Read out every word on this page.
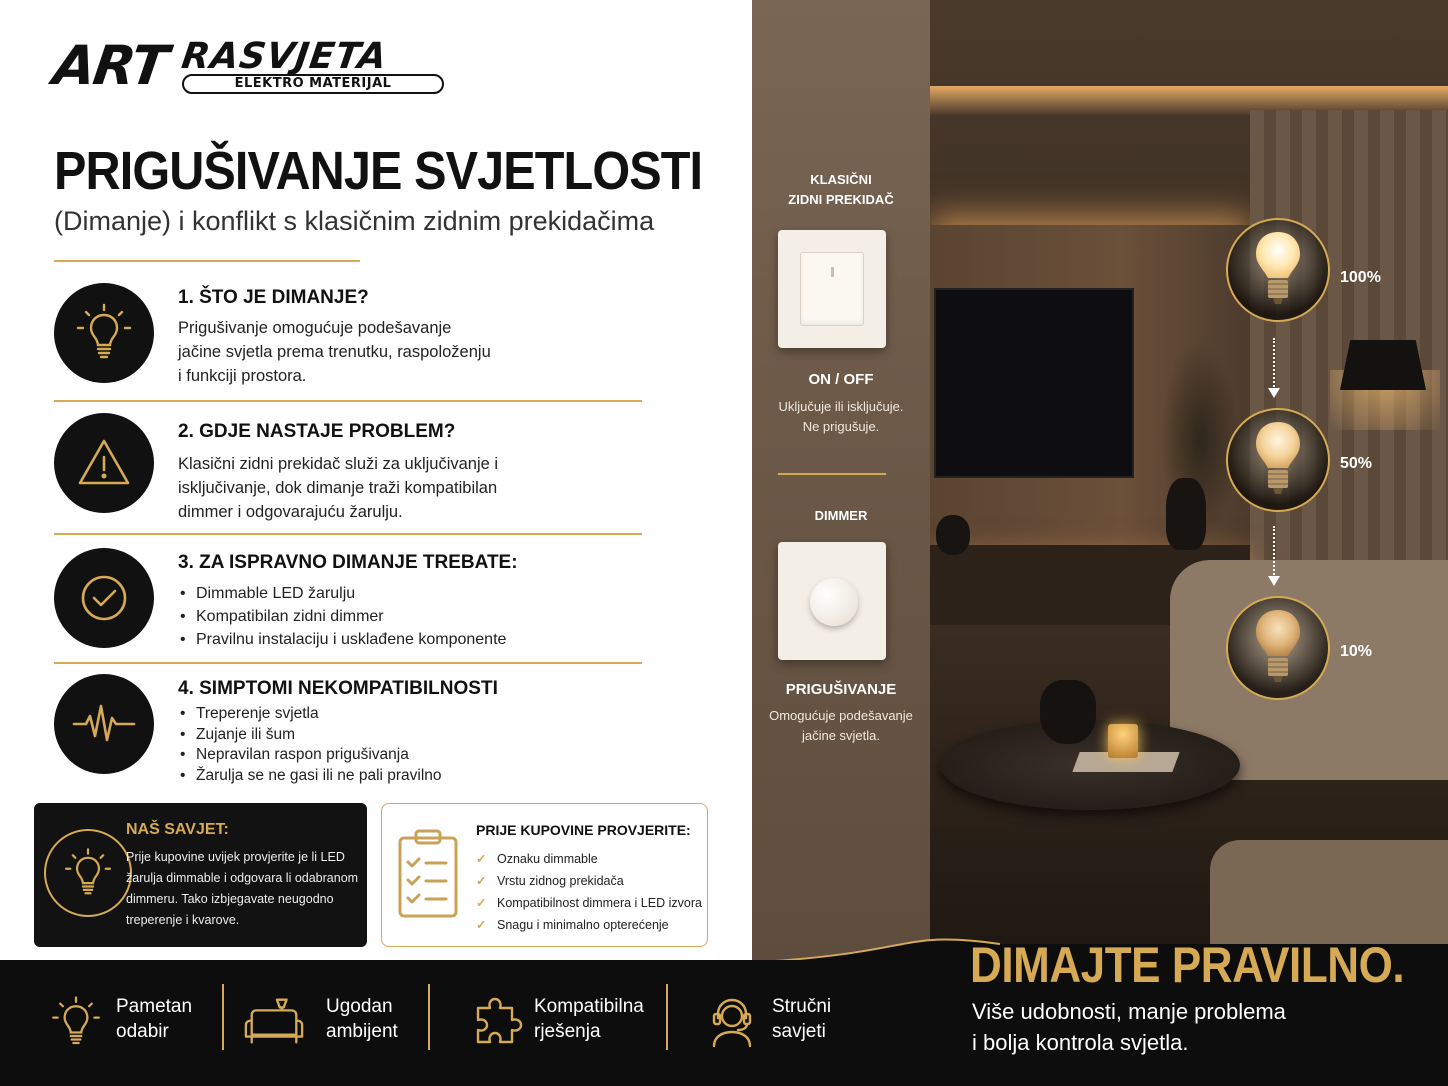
ART RASVJETA
ELEKTRO MATERIJAL
PRIGUŠIVANJE SVJETLOSTI
(Dimanje) i konflikt s klasičnim zidnim prekidačima
1. ŠTO JE DIMANJE?
Prigušivanje omogućuje podešavanje jačine svjetla prema trenutku, raspoloženju i funkciji prostora.
2. GDJE NASTAJE PROBLEM?
Klasični zidni prekidač služi za uključivanje i isključivanje, dok dimanje traži kompatibilan dimmer i odgovarajuću žarulju.
3. ZA ISPRAVNO DIMANJE TREBATE:
• Dimmable LED žarulju
• Kompatibilan zidni dimmer
• Pravilnu instalaciju i usklađene komponente
4. SIMPTOMI NEKOMPATIBILNOSTI
• Treperenje svjetla
• Zujanje ili šum
• Nepravilan raspon prigušivanja
• Žarulja se ne gasi ili ne pali pravilno
NAŠ SAVJET:
Prije kupovine uvijek provjerite je li LED žarulja dimmable i odgovara li odabranom dimmeru. Tako izbjegavate neugodno treperenje i kvarove.
PRIJE KUPOVINE PROVJERITE:
✓ Oznaku dimmable
✓ Vrstu zidnog prekidača
✓ Kompatibilnost dimmera i LED izvora
✓ Snagu i minimalno opterećenje
KLASIČNI
ZIDNI PREKIDAČ
ON / OFF
Uključuje ili isključuje.
Ne prigušuje.
DIMMER
PRIGUŠIVANJE
Omogućuje podešavanje
jačine svjetla.
100%
50%
10%
Pametan
odabir
Ugodan
ambijent
Kompatibilna
rješenja
Stručni
savjeti
DIMAJTE PRAVILNO.
Više udobnosti, manje problema
i bolja kontrola svjetla.
